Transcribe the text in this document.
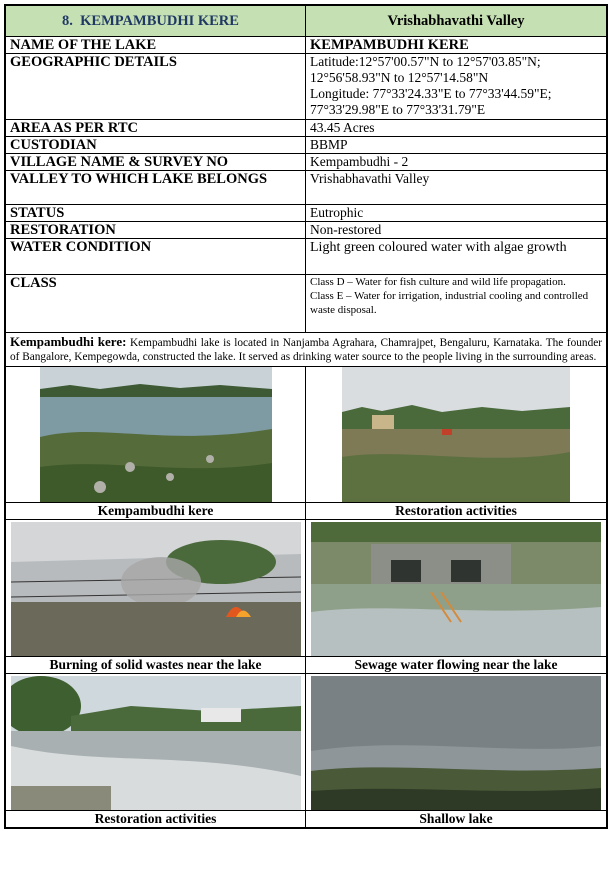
8. KEMPAMBUDHI KERE	Vrishabhavathi Valley
NAME OF THE LAKE	KEMPAMBUDHI KERE
GEOGRAPHIC DETAILS	Latitude:12°57'00.57"N to 12°57'03.85"N;
12°56'58.93"N to 12°57'14.58"N
Longitude: 77°33'24.33"E to 77°33'44.59"E;
77°33'29.98"E to 77°33'31.79"E

AREA AS PER RTC	43.45 Acres
CUSTODIAN	BBMP
VILLAGE NAME & SURVEY NO	Kempambudhi - 2
VALLEY TO WHICH LAKE BELONGS	Vrishabhavathi Valley
STATUS	Eutrophic
RESTORATION	Non-restored
WATER CONDITION	Light green coloured water with algae growth
CLASS	Class D – Water for fish culture and wild life propagation.
Class E – Water for irrigation, industrial cooling and controlled waste disposal.

Kempambudhi kere: Kempambudhi lake is located in Nanjamba Agrahara, Chamrajpet, Bengaluru, Karnataka. The founder of Bangalore, Kempegowda, constructed the lake. It served as drinking water source to the people living in the surrounding areas.	

Kempambudhi kere	Restoration activities

Burning of solid wastes near the lake	Sewage water flowing near the lake

Restoration activities	Shallow lake
